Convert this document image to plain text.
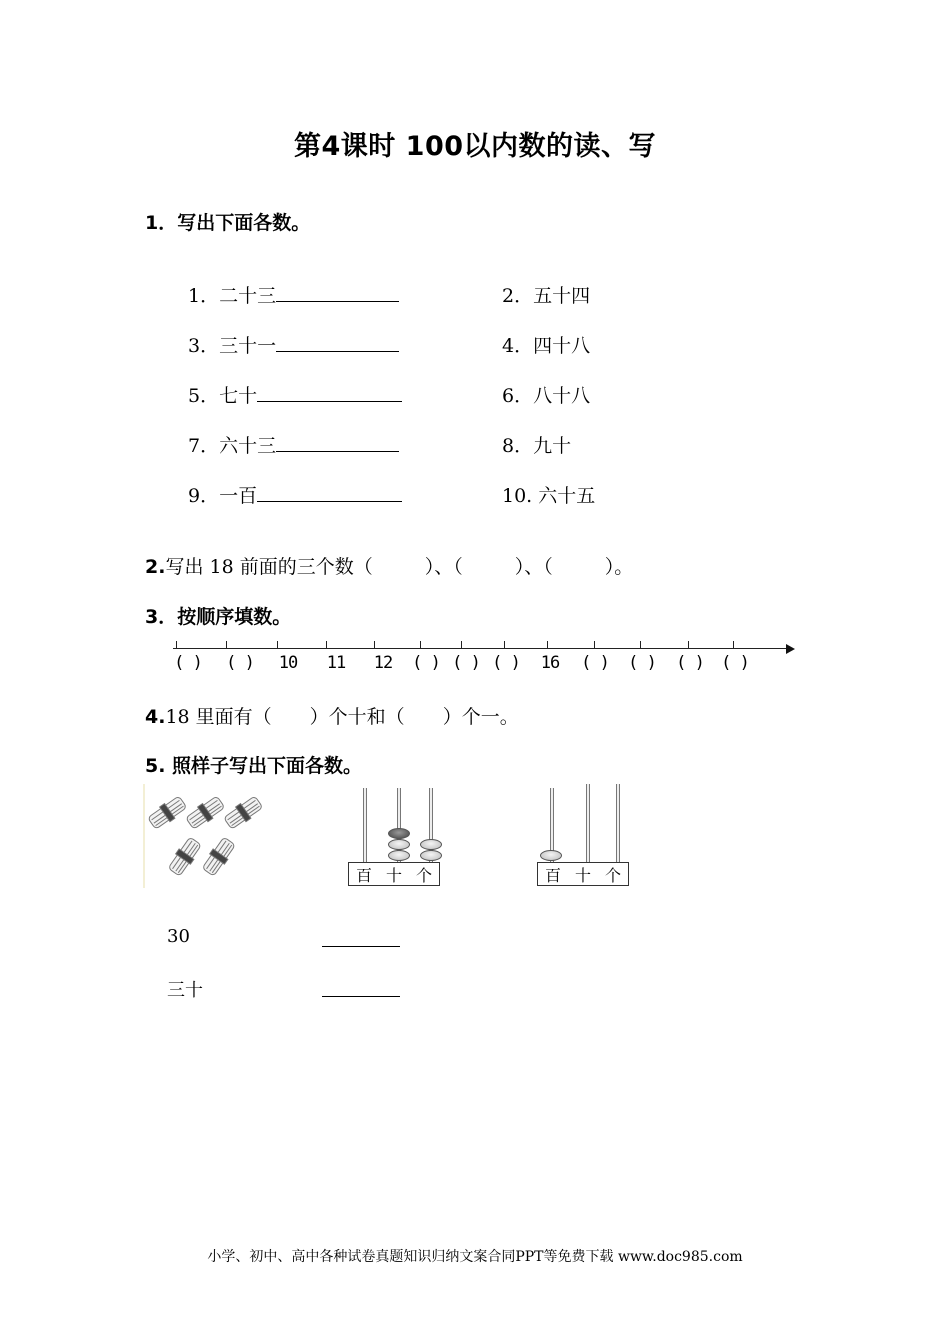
第4课时 100以内数的读、写
1．写出下面各数。
1．二十三	2．五十四
3．三十一	4．四十八
5．七十	6．八十八
7．六十三	8．九十
9．一百	10. 六十五
2.写出 18 前面的三个数（	）、（	）、（	）。
3．按顺序填数。
( ) ( ) 10 11 12 ( ) ( ) ( ) 16 ( ) ( ) ( ) ( )
4.18 里面有（ ）个十和（ ）个一。
5. 照样子写出下面各数。
百 十 个	百 十 个
30
三十
小学、初中、高中各种试卷真题知识归纳文案合同PPT等免费下载 www.doc985.com
